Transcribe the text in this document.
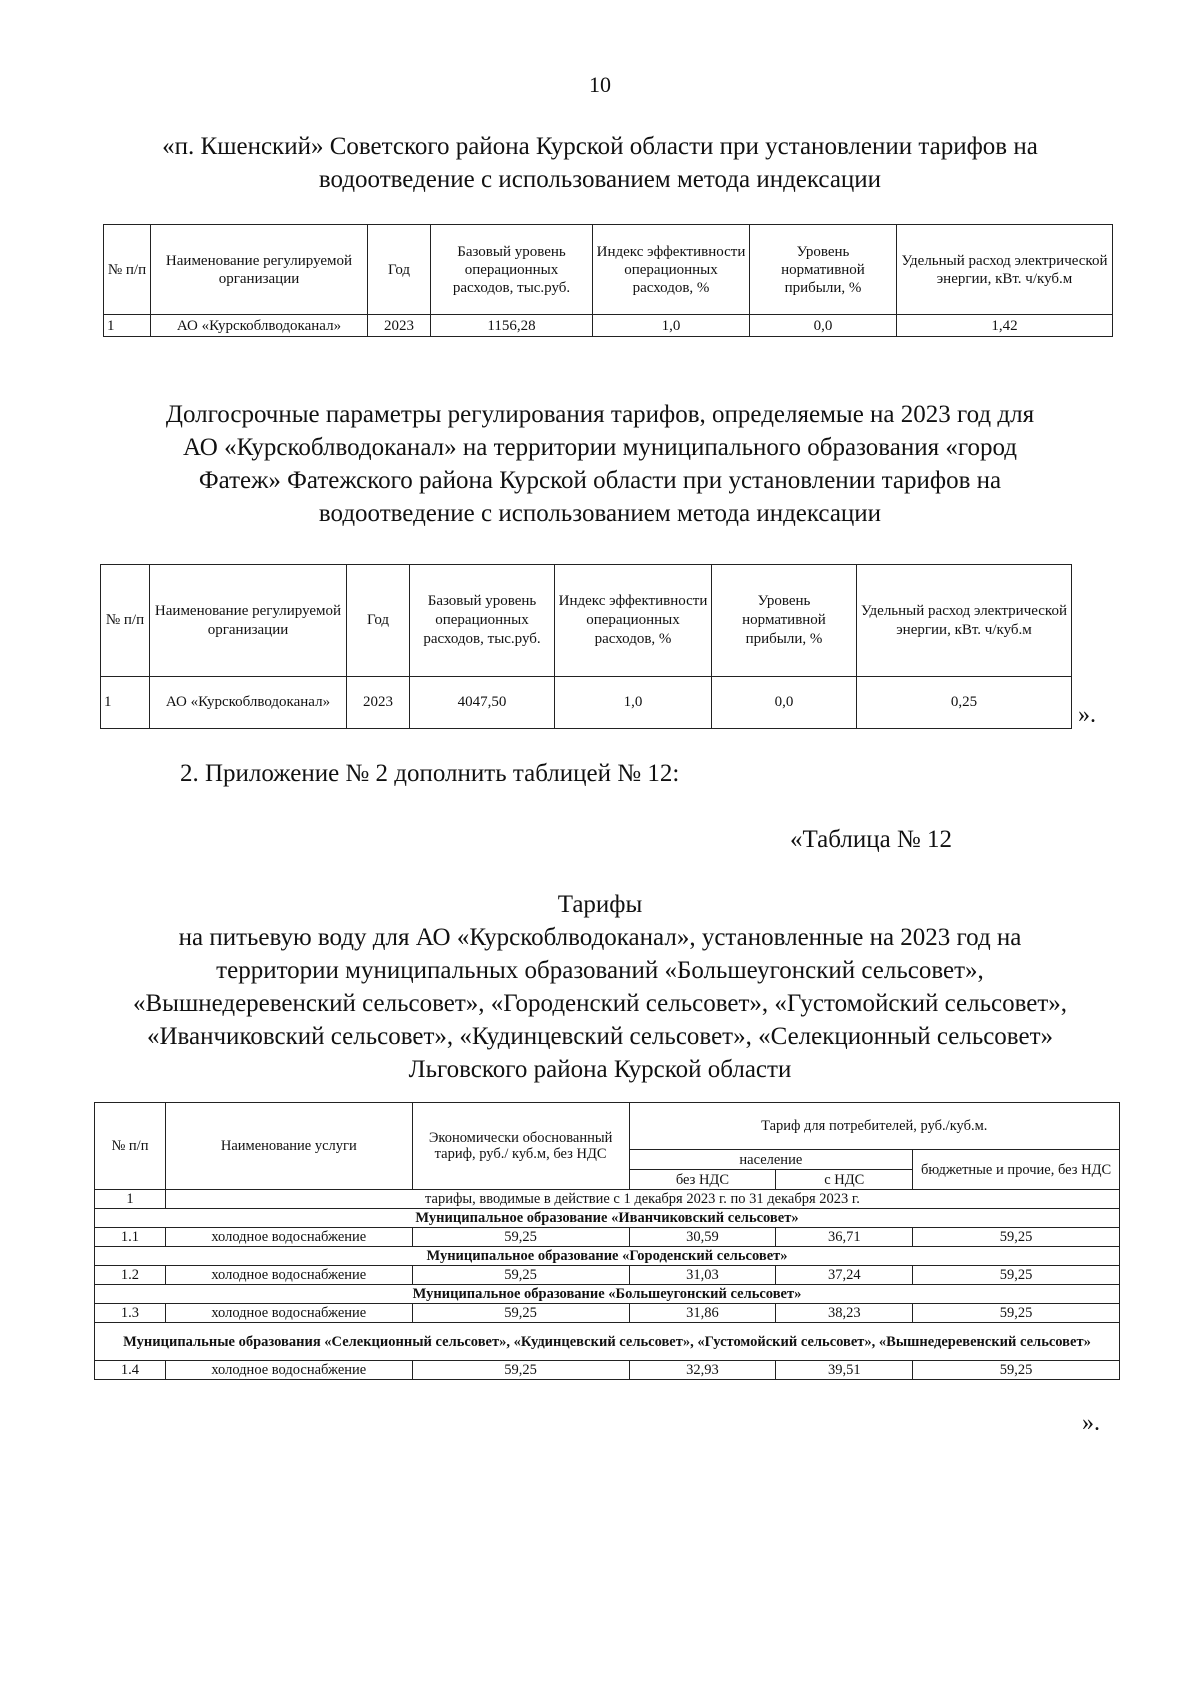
10
«п. Кшенский» Советского района Курской области при установлении тарифов на
водоотведение с использованием метода индексации
№ п/п	Наименование регулируемой организации	Год	Базовый уровень операционных расходов, тыс.руб.	Индекс эффективности операционных расходов, %	Уровень нормативной прибыли, %	Удельный расход электрической энергии, кВт. ч/куб.м
1	АО «Курскоблводоканал»	2023	1156,28	1,0	0,0	1,42
Долгосрочные параметры регулирования тарифов, определяемые на 2023 год для
АО «Курскоблводоканал» на территории муниципального образования «город
Фатеж» Фатежского района Курской области при установлении тарифов на
водоотведение с использованием метода индексации
№ п/п	Наименование регулируемой организации	Год	Базовый уровень операционных расходов, тыс.руб.	Индекс эффективности операционных расходов, %	Уровень нормативной прибыли, %	Удельный расход электрической энергии, кВт. ч/куб.м
1	АО «Курскоблводоканал»	2023	4047,50	1,0	0,0	0,25	».
2. Приложение № 2 дополнить таблицей № 12:
«Таблица № 12
Тарифы
на питьевую воду для АО «Курскоблводоканал», установленные на 2023 год на
территории муниципальных образований «Большеугонский сельсовет»,
«Вышнедеревенский сельсовет», «Городенский сельсовет», «Густомойский сельсовет»,
«Иванчиковский сельсовет», «Кудинцевский сельсовет», «Селекционный сельсовет»
Льговского района Курской области
№ п/п	Наименование услуги	Экономически обоснованный тариф, руб./ куб.м, без НДС	Тариф для потребителей, руб./куб.м.		
			население		бюджетные и прочие, без НДС
			без НДС	с НДС	
1	тарифы, вводимые в действие с 1 декабря 2023 г. по 31 декабря 2023 г.				
Муниципальное образование «Иванчиковский сельсовет»					
1.1	холодное водоснабжение	59,25	30,59	36,71	59,25
Муниципальное образование «Городенский сельсовет»					
1.2	холодное водоснабжение	59,25	31,03	37,24	59,25
Муниципальное образование «Большеугонский сельсовет»					
1.3	холодное водоснабжение	59,25	31,86	38,23	59,25
Муниципальные образования «Селекционный сельсовет», «Кудинцевский сельсовет», «Густомойский сельсовет», «Вышнедеревенский сельсовет»					
1.4	холодное водоснабжение	59,25	32,93	39,51	59,25
».
